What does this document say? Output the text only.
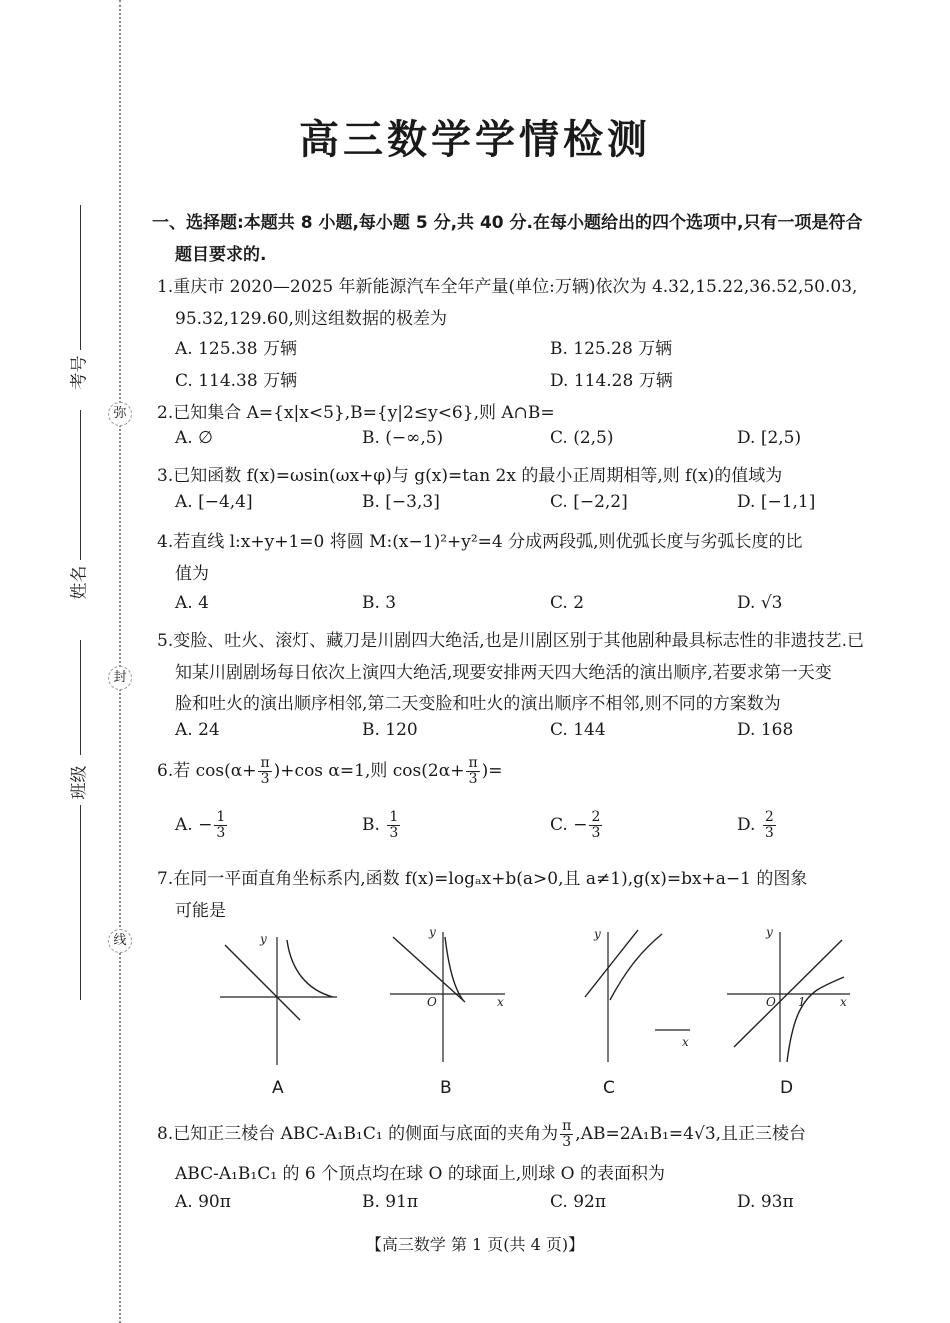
弥
封
线
考号
姓名
班级
高三数学学情检测
一、选择题:本题共 8 小题,每小题 5 分,共 40 分.在每小题给出的四个选项中,只有一项是符合
题目要求的.
1.重庆市 2020—2025 年新能源汽车全年产量(单位:万辆)依次为 4.32,15.22,36.52,50.03,
95.32,129.60,则这组数据的极差为
A. 125.38 万辆	B. 125.28 万辆
C. 114.38 万辆	D. 114.28 万辆
2.已知集合 A={x|x<5},B={y|2≤y<6},则 A∩B=
A. ∅	B. (−∞,5)	C. (2,5)	D. [2,5)
3.已知函数 f(x)=ωsin(ωx+φ)与 g(x)=tan 2x 的最小正周期相等,则 f(x)的值域为
A. [−4,4]	B. [−3,3]	C. [−2,2]	D. [−1,1]
4.若直线 l:x+y+1=0 将圆 M:(x−1)²+y²=4 分成两段弧,则优弧长度与劣弧长度的比
值为
A. 4	B. 3	C. 2	D. √3
5.变脸、吐火、滚灯、藏刀是川剧四大绝活,也是川剧区别于其他剧种最具标志性的非遗技艺.已
知某川剧剧场每日依次上演四大绝活,现要安排两天四大绝活的演出顺序,若要求第一天变
脸和吐火的演出顺序相邻,第二天变脸和吐火的演出顺序不相邻,则不同的方案数为
A. 24	B. 120	C. 144	D. 168
6.若 $\cos(\alpha+ \frac{\pi}{3} )+\cos$ α=1,则 $\cos(2\alpha+ \frac{\pi}{3}$ )=
A. − $\frac{1}{3}$	B. $\frac{1}{3}$	C. − $\frac{2}{3}$	D. $\frac{2}{3}$
7.在同一平面直角坐标系内,函数 f(x)=logₐx+b(a>0,且 a≠1),g(x)=bx+a−1 的图象
可能是
y
A
y
O	x
B
y
x
C
y
O 1	x
D
8.已知正三棱台 ABC-A₁B₁C₁ 的侧面与底面的夹角为 $\frac{\pi}{3} ,AB=2A_1B_1=4√3$,且正三棱台
ABC-A₁B₁C₁ 的 6 个顶点均在球 O 的球面上,则球 O 的表面积为
A. 90π	B. 91π	C. 92π	D. 93π
【高三数学 第 1 页(共 4 页)】
